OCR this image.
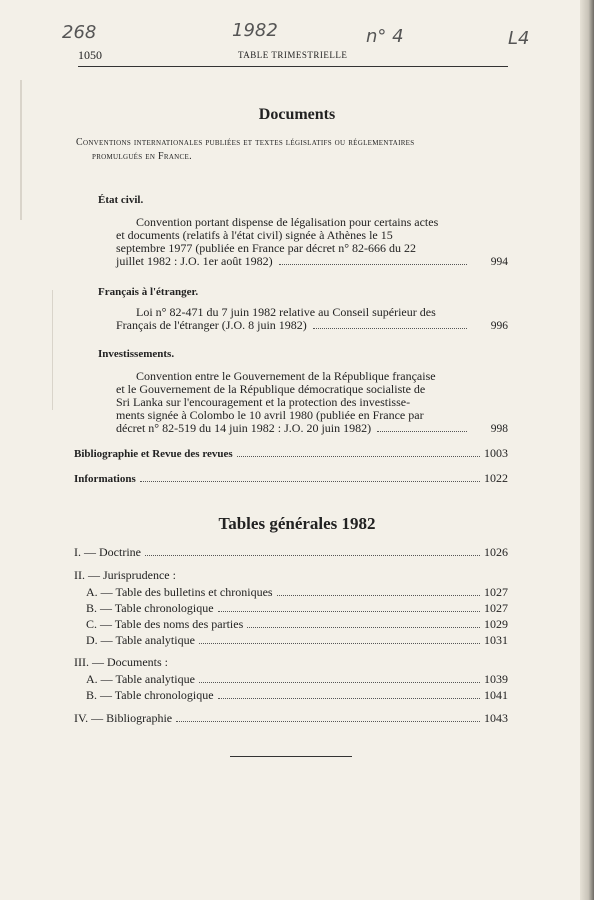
268	1982	n° 4	L4
1050	TABLE TRIMESTRIELLE
Documents
Conventions internationales publiées et textes législatifs ou réglementaires
promulgués en France.
État civil.
Convention portant dispense de légalisation pour certains actes
et documents (relatifs à l'état civil) signée à Athènes le 15
septembre 1977 (publiée en France par décret n° 82-666 du 22
juillet 1982 : J.O. 1er août 1982)	994
Français à l'étranger.
Loi n° 82-471 du 7 juin 1982 relative au Conseil supérieur des
Français de l'étranger (J.O. 8 juin 1982)	996
Investissements.
Convention entre le Gouvernement de la République française
et le Gouvernement de la République démocratique socialiste de
Sri Lanka sur l'encouragement et la protection des investisse-
ments signée à Colombo le 10 avril 1980 (publiée en France par
décret n° 82-519 du 14 juin 1982 : J.O. 20 juin 1982)	998
Bibliographie et Revue des revues	1003
Informations	1022
Tables générales 1982
I. — Doctrine	1026
II. — Jurisprudence :
A. — Table des bulletins et chroniques	1027
B. — Table chronologique	1027
C. — Table des noms des parties	1029
D. — Table analytique	1031
III. — Documents :
A. — Table analytique	1039
B. — Table chronologique	1041
IV. — Bibliographie	1043
